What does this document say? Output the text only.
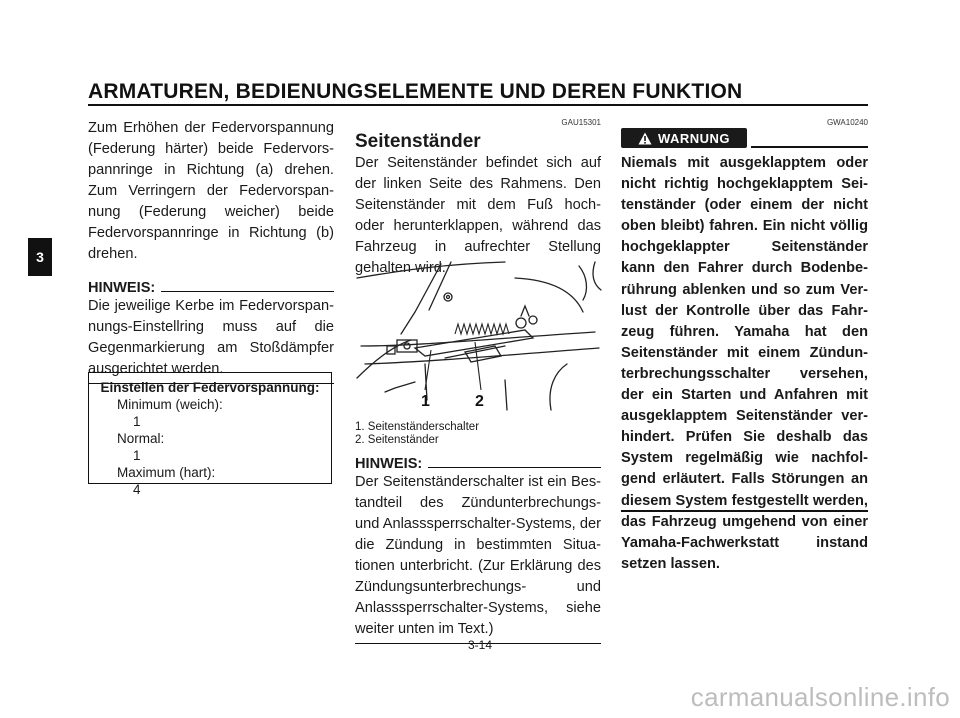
ARMATUREN, BEDIENUNGSELEMENTE UND DEREN FUNKTION
3

Zum Erhöhen der Federvorspannung (Federung härter) beide Federvorspannringe in Richtung (a) drehen. Zum Verringern der Federvorspannung (Federung weicher) beide Federvorspannringe in Richtung (b) drehen.

HINWEIS:

Die jeweilige Kerbe im Federvorspannungs-Einstellring muss auf die Gegenmarkierung am Stoßdämpfer ausgerichtet werden.

Einstellen der Federvorspannung:
Minimum (weich):
1
Normal:
1
Maximum (hart):
4
GAU15301
Seitenständer

Der Seitenständer befindet sich auf der linken Seite des Rahmens. Den Seitenständer mit dem Fuß hoch- oder herunterklappen, während das Fahrzeug in aufrechter Stellung gehalten wird.

1	2
1. Seitenständerschalter
2. Seitenständer
HINWEIS:

Der Seitenständerschalter ist ein Bestandteil des Zündunterbrechungs- und Anlasssperrschalter-Systems, der die Zündung in bestimmten Situationen unterbricht. (Zur Erklärung des Zündungsunterbrechungs- und Anlasssperrschalter-Systems, siehe weiter unten im Text.)

GWA10240
WARNUNG

Niemals mit ausgeklapptem oder nicht richtig hochgeklapptem Seitenständer (oder einem der nicht oben bleibt) fahren. Ein nicht völlig hochgeklappter Seitenständer kann den Fahrer durch Bodenberührung ablenken und so zum Verlust der Kontrolle über das Fahrzeug führen. Yamaha hat den Seitenständer mit einem Zündunterbrechungsschalter versehen, der ein Starten und Anfahren mit ausgeklapptem Seitenständer verhindert. Prüfen Sie deshalb das System regelmäßig wie nachfolgend erläutert. Falls Störungen an diesem System festgestellt werden, das Fahrzeug umgehend von einer Yamaha-Fachwerkstatt instand setzen lassen.

3-14
carmanualsonline.info
